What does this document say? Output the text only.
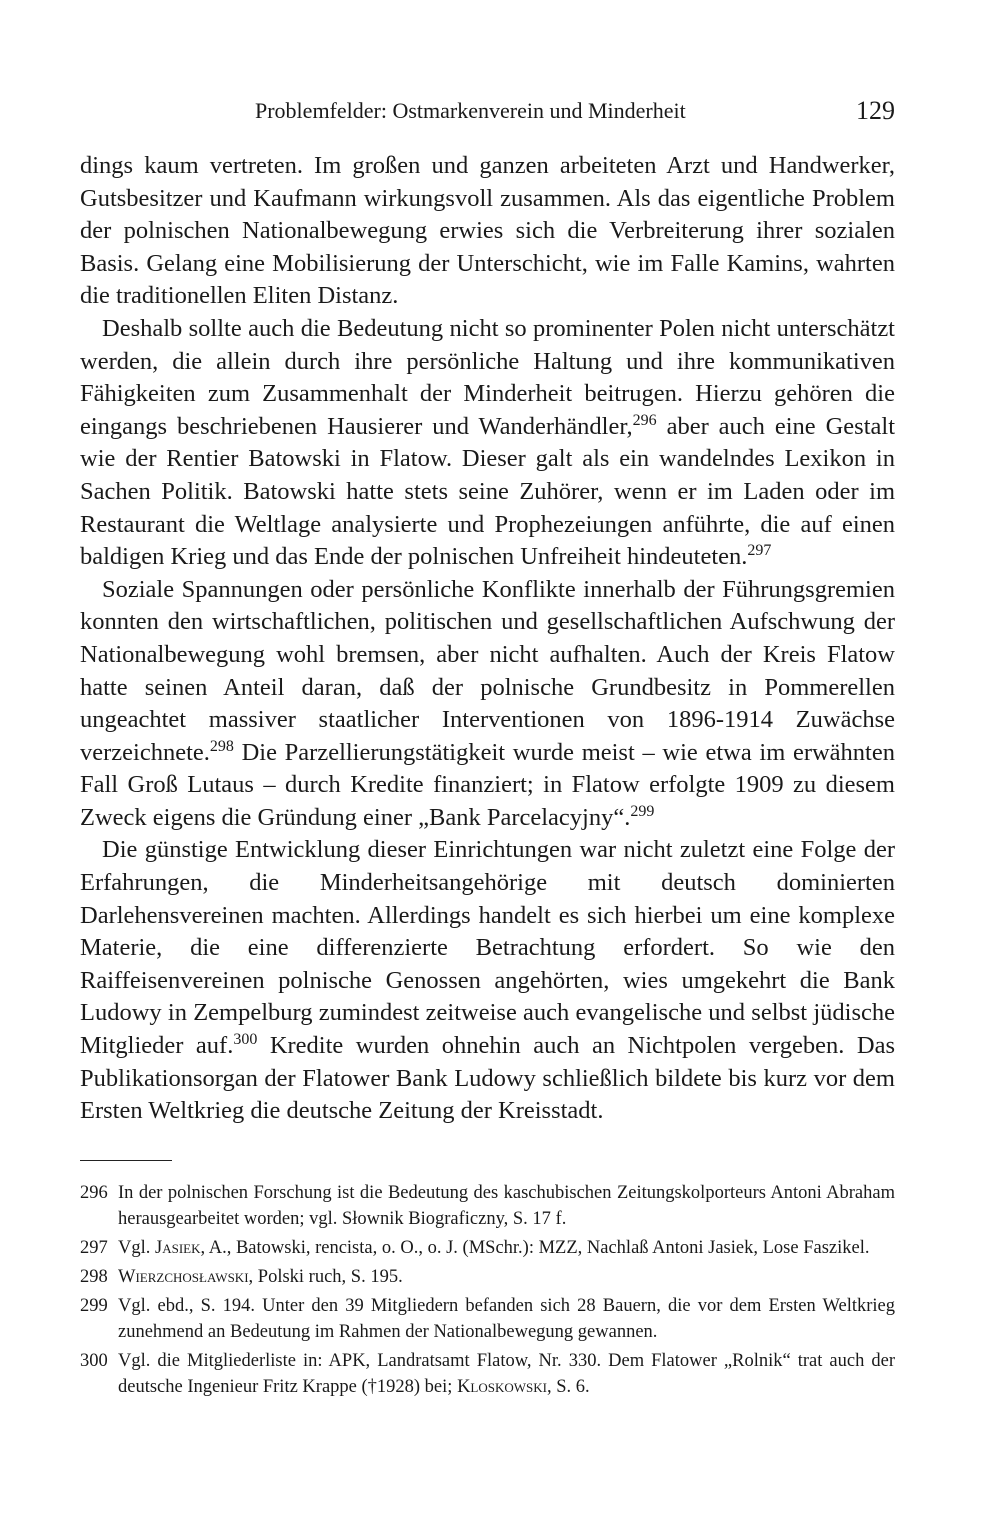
Problemfelder: Ostmarkenverein und Minderheit	129

dings kaum vertreten. Im großen und ganzen arbeiteten Arzt und Handwerker, Gutsbesitzer und Kaufmann wirkungsvoll zusammen. Als das eigentliche Problem der polnischen Nationalbewegung erwies sich die Verbreiterung ihrer sozialen Basis. Gelang eine Mobilisierung der Unterschicht, wie im Falle Kamins, wahrten die traditionellen Eliten Distanz.

Deshalb sollte auch die Bedeutung nicht so prominenter Polen nicht unterschätzt werden, die allein durch ihre persönliche Haltung und ihre kommunikativen Fähigkeiten zum Zusammenhalt der Minderheit beitrugen. Hierzu gehören die eingangs beschriebenen Hausierer und Wanderhändler,$^{296}$ aber auch eine Gestalt wie der Rentier Batowski in Flatow. Dieser galt als ein wandelndes Lexikon in Sachen Politik. Batowski hatte stets seine Zuhörer, wenn er im Laden oder im Restaurant die Weltlage analysierte und Prophezeiungen anführte, die auf einen baldigen Krieg und das Ende der polnischen Unfreiheit hindeuteten.$^{297}$

Soziale Spannungen oder persönliche Konflikte innerhalb der Führungsgremien konnten den wirtschaftlichen, politischen und gesellschaftlichen Aufschwung der Nationalbewegung wohl bremsen, aber nicht aufhalten. Auch der Kreis Flatow hatte seinen Anteil daran, daß der polnische Grundbesitz in Pommerellen ungeachtet massiver staatlicher Interventionen von 1896-1914 Zuwächse verzeichnete.$^{298}$ Die Parzellierungstätigkeit wurde meist – wie etwa im erwähnten Fall Groß Lutaus – durch Kredite finanziert; in Flatow erfolgte 1909 zu diesem Zweck eigens die Gründung einer „Bank Parcelacyjny“.$^{299}$

Die günstige Entwicklung dieser Einrichtungen war nicht zuletzt eine Folge der Erfahrungen, die Minderheitsangehörige mit deutsch dominierten Darlehensvereinen machten. Allerdings handelt es sich hierbei um eine komplexe Materie, die eine differenzierte Betrachtung erfordert. So wie den Raiffeisenvereinen polnische Genossen angehörten, wies umgekehrt die Bank Ludowy in Zempelburg zumindest zeitweise auch evangelische und selbst jüdische Mitglieder auf.$^{300}$ Kredite wurden ohnehin auch an Nichtpolen vergeben. Das Publikationsorgan der Flatower Bank Ludowy schließlich bildete bis kurz vor dem Ersten Weltkrieg die deutsche Zeitung der Kreisstadt.

296 In der polnischen Forschung ist die Bedeutung des kaschubischen Zeitungskolporteurs Antoni Abraham herausgearbeitet worden; vgl. Słownik Biograficzny, S. 17 f.
297 Vgl. Jasiek, A., Batowski, rencista, o. O., o. J. (MSchr.): MZZ, Nachlaß Antoni Jasiek, Lose Faszikel.
298 Wierzchosławski, Polski ruch, S. 195.
299 Vgl. ebd., S. 194. Unter den 39 Mitgliedern befanden sich 28 Bauern, die vor dem Ersten Weltkrieg zunehmend an Bedeutung im Rahmen der Nationalbewegung gewannen.
300 Vgl. die Mitgliederliste in: APK, Landratsamt Flatow, Nr. 330. Dem Flatower „Rolnik“ trat auch der deutsche Ingenieur Fritz Krappe (†1928) bei; Kloskowski, S. 6.
